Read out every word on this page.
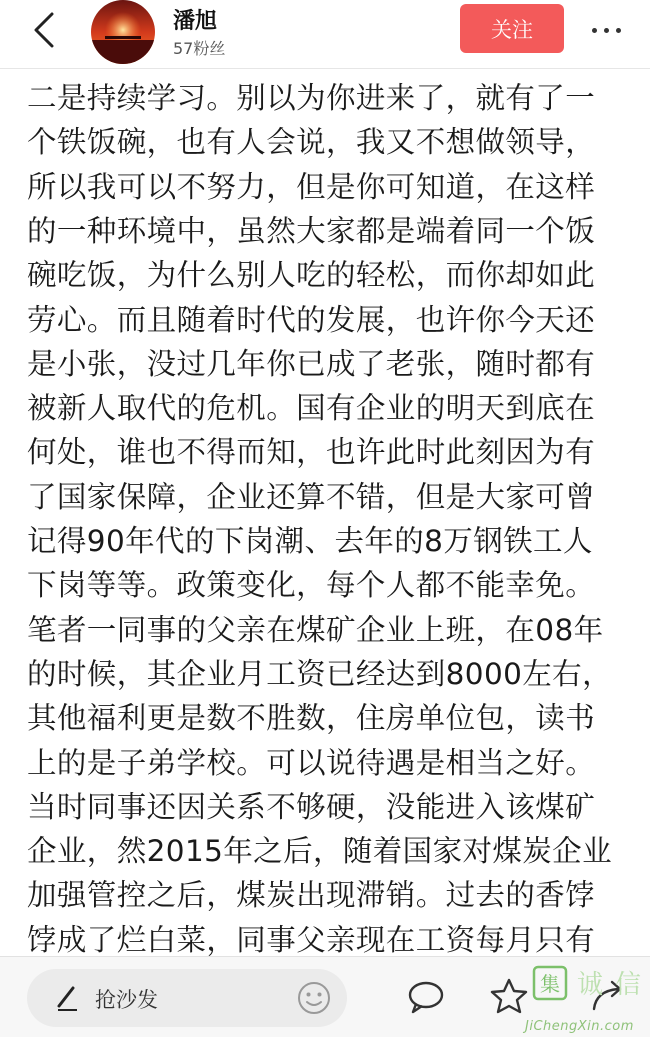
潘旭
57粉丝
关注
二是持续学习。别以为你进来了，就有了一
个铁饭碗，也有人会说，我又不想做领导，
所以我可以不努力，但是你可知道，在这样
的一种环境中，虽然大家都是端着同一个饭
碗吃饭，为什么别人吃的轻松，而你却如此
劳心。而且随着时代的发展，也许你今天还
是小张，没过几年你已成了老张，随时都有
被新人取代的危机。国有企业的明天到底在
何处，谁也不得而知，也许此时此刻因为有
了国家保障，企业还算不错，但是大家可曾
记得90年代的下岗潮、去年的8万钢铁工人
下岗等等。政策变化，每个人都不能幸免。
笔者一同事的父亲在煤矿企业上班，在08年
的时候，其企业月工资已经达到8000左右，
其他福利更是数不胜数，住房单位包，读书
上的是子弟学校。可以说待遇是相当之好。
当时同事还因关系不够硬，没能进入该煤矿
企业，然2015年之后，随着国家对煤炭企业
加强管控之后，煤炭出现滞销。过去的香饽
饽成了烂白菜，同事父亲现在工资每月只有
抢沙发
集 诚 信
JiChengXin.com
